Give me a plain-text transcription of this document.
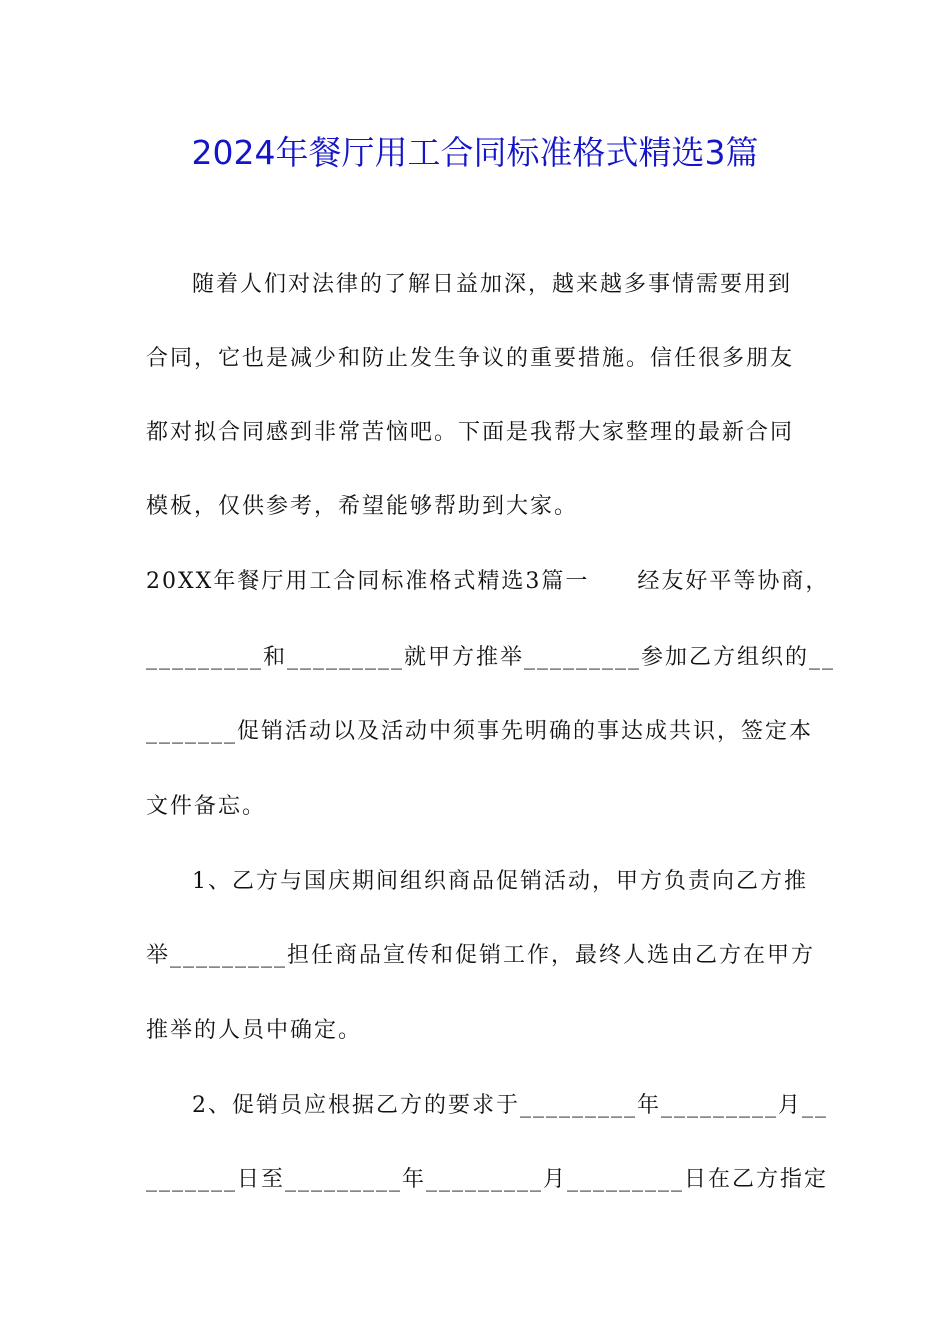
2024年餐厅用工合同标准格式精选3篇
随着人们对法律的了解日益加深，越来越多事情需要用到
合同，它也是减少和防止发生争议的重要措施。信任很多朋友
都对拟合同感到非常苦恼吧。下面是我帮大家整理的最新合同
模板，仅供参考，希望能够帮助到大家。
20XX年餐厅用工合同标准格式精选3篇一　　经友好平等协商，
_________和_________就甲方推举_________参加乙方组织的__
_______促销活动以及活动中须事先明确的事达成共识，签定本
文件备忘。
1、乙方与国庆期间组织商品促销活动，甲方负责向乙方推
举_________担任商品宣传和促销工作，最终人选由乙方在甲方
推举的人员中确定。
2、促销员应根据乙方的要求于_________年_________月__
_______日至_________年_________月_________日在乙方指定
